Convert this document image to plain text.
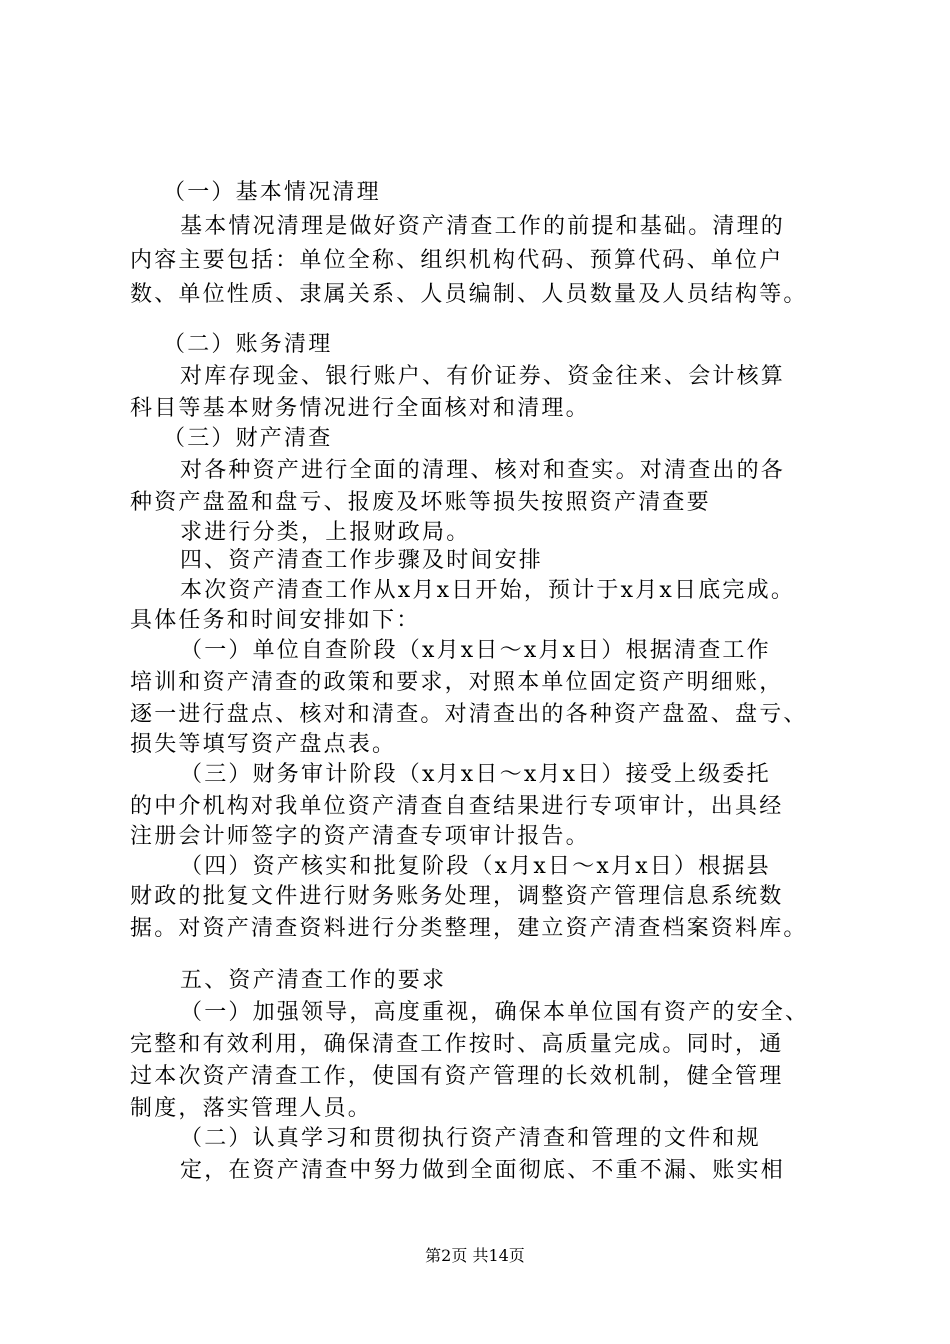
（一）基本情况清理
基本情况清理是做好资产清查工作的前提和基础。清理的
内容主要包括：单位全称、组织机构代码、预算代码、单位户
数、单位性质、隶属关系、人员编制、人员数量及人员结构等。
（二）账务清理
对库存现金、银行账户、有价证券、资金往来、会计核算
科目等基本财务情况进行全面核对和清理。
（三）财产清查
对各种资产进行全面的清理、核对和查实。对清查出的各
种资产盘盈和盘亏、报废及坏账等损失按照资产清查要
求进行分类，上报财政局。
四、资产清查工作步骤及时间安排
本次资产清查工作从x月x日开始，预计于x月x日底完成。
具体任务和时间安排如下：
（一）单位自查阶段（x月x日～x月x日）根据清查工作
培训和资产清查的政策和要求，对照本单位固定资产明细账，
逐一进行盘点、核对和清查。对清查出的各种资产盘盈、盘亏、
损失等填写资产盘点表。
（三）财务审计阶段（x月x日～x月x日）接受上级委托
的中介机构对我单位资产清查自查结果进行专项审计，出具经
注册会计师签字的资产清查专项审计报告。
（四）资产核实和批复阶段（x月x日～x月x日）根据县
财政的批复文件进行财务账务处理，调整资产管理信息系统数
据。对资产清查资料进行分类整理，建立资产清查档案资料库。
五、资产清查工作的要求
（一）加强领导，高度重视，确保本单位国有资产的安全、
完整和有效利用，确保清查工作按时、高质量完成。同时，通
过本次资产清查工作，使国有资产管理的长效机制，健全管理
制度，落实管理人员。
（二）认真学习和贯彻执行资产清查和管理的文件和规
定，在资产清查中努力做到全面彻底、不重不漏、账实相
第2页 共14页
